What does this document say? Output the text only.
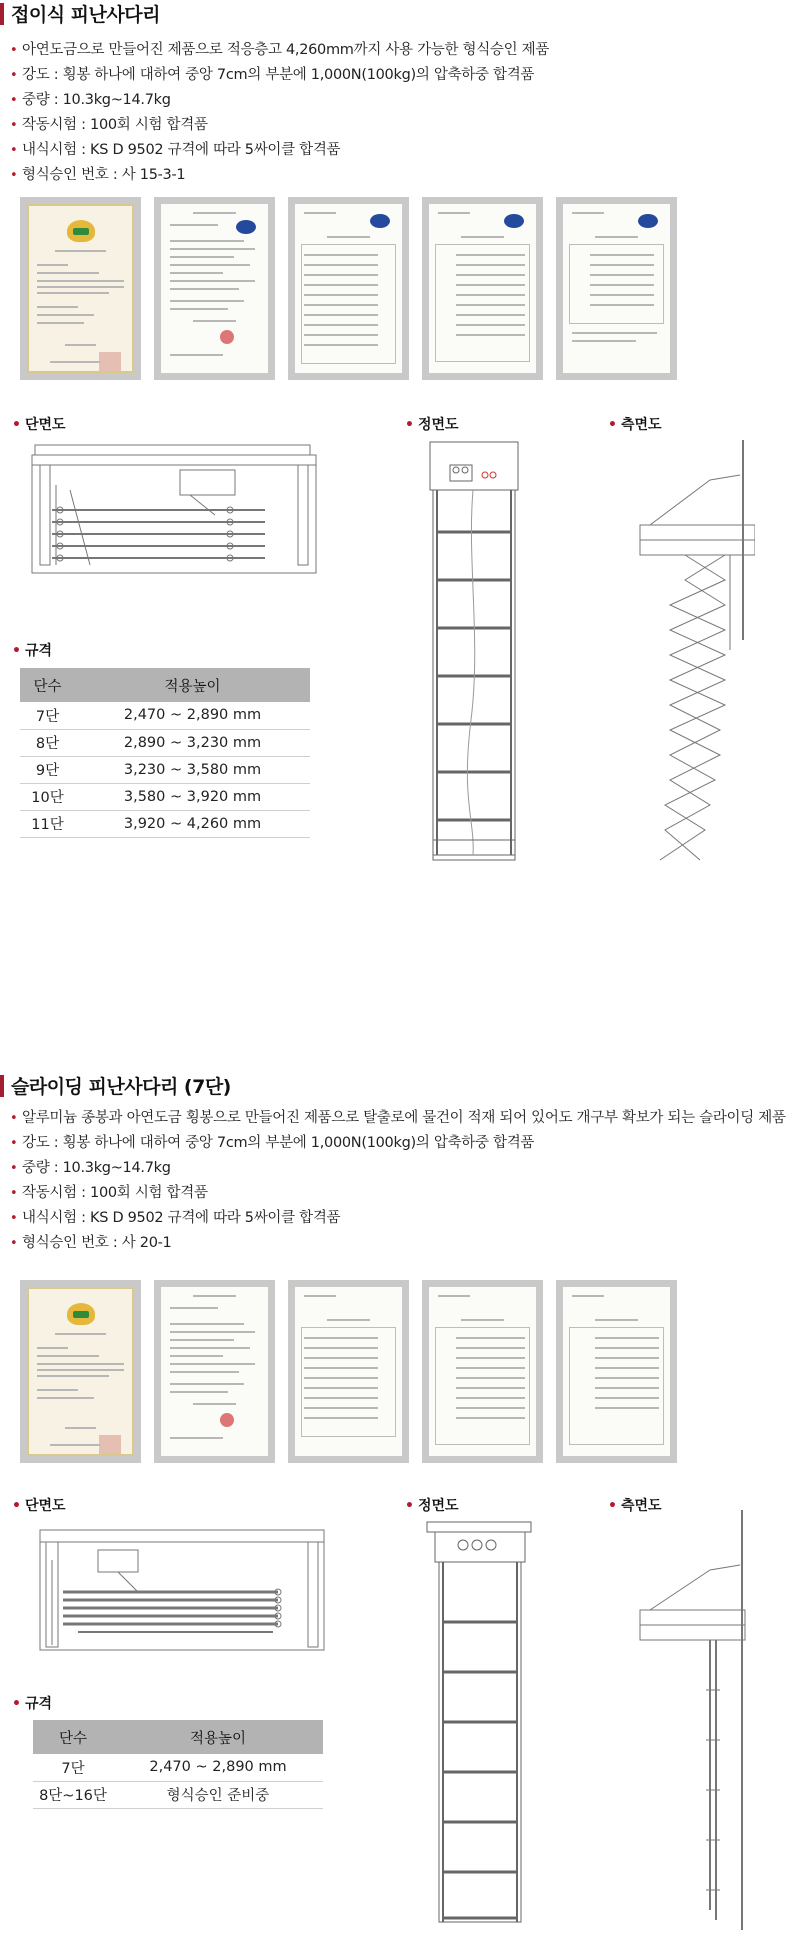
접이식 피난사다리
• 아연도금으로 만들어진 제품으로 적응층고 4,260mm까지 사용 가능한 형식승인 제품
• 강도 : 횡봉 하나에 대하여 중앙 7cm의 부분에 1,000N(100kg)의 압축하중 합격품
• 중량 : 10.3kg~14.7kg
• 작동시험 : 100회 시험 합격품
• 내식시험 : KS D 9502 규격에 따라 5싸이클 합격품
• 형식승인 번호 : 사 15-3-1
• 단면도	• 정면도	• 측면도
• 규격
단수	적용높이
7단	2,470 ~ 2,890 mm
8단	2,890 ~ 3,230 mm
9단	3,230 ~ 3,580 mm
10단	3,580 ~ 3,920 mm
11단	3,920 ~ 4,260 mm
슬라이딩 피난사다리 (7단)
• 알루미늄 종봉과 아연도금 횡봉으로 만들어진 제품으로 탈출로에 물건이 적재 되어 있어도 개구부 확보가 되는 슬라이딩 제품
• 강도 : 횡봉 하나에 대하여 중앙 7cm의 부분에 1,000N(100kg)의 압축하중 합격품
• 중량 : 10.3kg~14.7kg
• 작동시험 : 100회 시험 합격품
• 내식시험 : KS D 9502 규격에 따라 5싸이클 합격품
• 형식승인 번호 : 사 20-1
• 단면도	• 정면도	• 측면도
• 규격
단수	적용높이
7단	2,470 ~ 2,890 mm
8단~16단	형식승인 준비중
